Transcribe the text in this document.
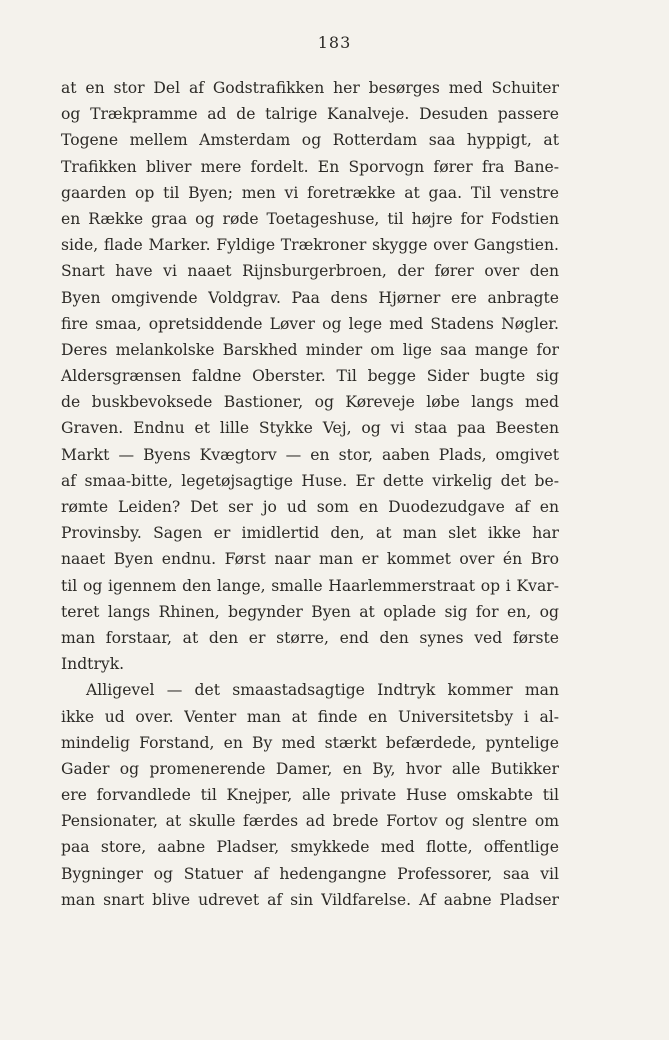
183
at en stor Del af Godstrafikken her besørges med Schuiter
og Trækpramme ad de talrige Kanalveje. Desuden passere
Togene mellem Amsterdam og Rotterdam saa hyppigt, at
Trafikken bliver mere fordelt. En Sporvogn fører fra Bane-
gaarden op til Byen; men vi foretrække at gaa. Til venstre
en Række graa og røde Toetageshuse, til højre for Fodstien
side, flade Marker. Fyldige Trækroner skygge over Gangstien.
Snart have vi naaet Rijnsburgerbroen, der fører over den
Byen omgivende Voldgrav. Paa dens Hjørner ere anbragte
fire smaa, opretsiddende Løver og lege med Stadens Nøgler.
Deres melankolske Barskhed minder om lige saa mange for
Aldersgrænsen faldne Oberster. Til begge Sider bugte sig
de buskbevoksede Bastioner, og Køreveje løbe langs med
Graven. Endnu et lille Stykke Vej, og vi staa paa Beesten
Markt — Byens Kvægtorv — en stor, aaben Plads, omgivet
af smaa-bitte, legetøjsagtige Huse. Er dette virkelig det be-
rømte Leiden? Det ser jo ud som en Duodezudgave af en
Provinsby. Sagen er imidlertid den, at man slet ikke har
naaet Byen endnu. Først naar man er kommet over én Bro
til og igennem den lange, smalle Haarlemmerstraat op i Kvar-
teret langs Rhinen, begynder Byen at oplade sig for en, og
man forstaar, at den er større, end den synes ved første
Indtryk.
Alligevel — det smaastadsagtige Indtryk kommer man
ikke ud over. Venter man at finde en Universitetsby i al-
mindelig Forstand, en By med stærkt befærdede, pyntelige
Gader og promenerende Damer, en By, hvor alle Butikker
ere forvandlede til Knejper, alle private Huse omskabte til
Pensionater, at skulle færdes ad brede Fortov og slentre om
paa store, aabne Pladser, smykkede med flotte, offentlige
Bygninger og Statuer af hedengangne Professorer, saa vil
man snart blive udrevet af sin Vildfarelse. Af aabne Pladser
